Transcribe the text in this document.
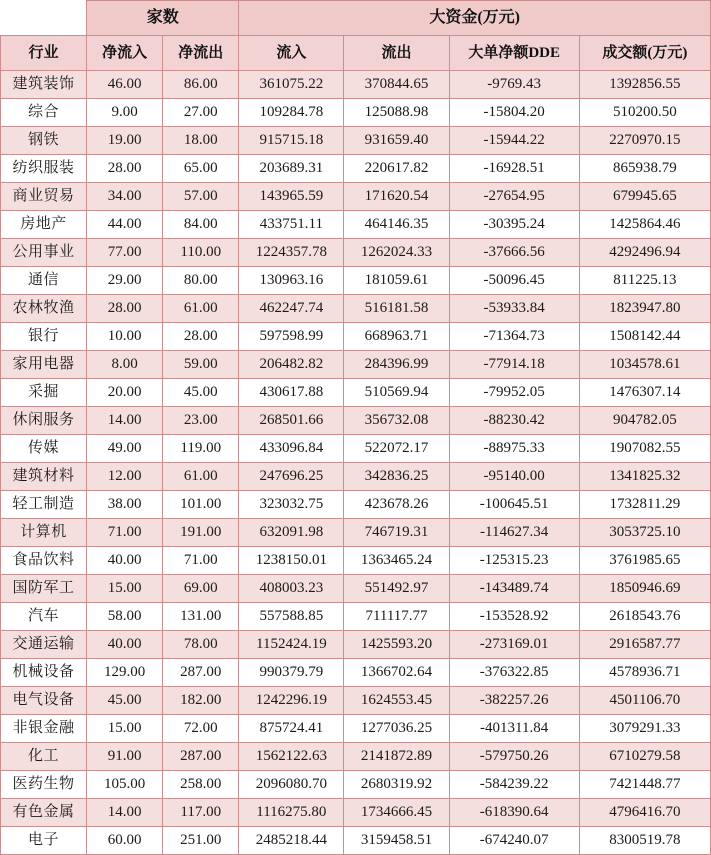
	家数		大资金(万元)			
行业	净流入	净流出	流入	流出	大单净额DDE	成交额(万元)
建筑装饰	46.00	86.00	361075.22	370844.65	-9769.43	1392856.55
综合	9.00	27.00	109284.78	125088.98	-15804.20	510200.50
钢铁	19.00	18.00	915715.18	931659.40	-15944.22	2270970.15
纺织服装	28.00	65.00	203689.31	220617.82	-16928.51	865938.79
商业贸易	34.00	57.00	143965.59	171620.54	-27654.95	679945.65
房地产	44.00	84.00	433751.11	464146.35	-30395.24	1425864.46
公用事业	77.00	110.00	1224357.78	1262024.33	-37666.56	4292496.94
通信	29.00	80.00	130963.16	181059.61	-50096.45	811225.13
农林牧渔	28.00	61.00	462247.74	516181.58	-53933.84	1823947.80
银行	10.00	28.00	597598.99	668963.71	-71364.73	1508142.44
家用电器	8.00	59.00	206482.82	284396.99	-77914.18	1034578.61
采掘	20.00	45.00	430617.88	510569.94	-79952.05	1476307.14
休闲服务	14.00	23.00	268501.66	356732.08	-88230.42	904782.05
传媒	49.00	119.00	433096.84	522072.17	-88975.33	1907082.55
建筑材料	12.00	61.00	247696.25	342836.25	-95140.00	1341825.32
轻工制造	38.00	101.00	323032.75	423678.26	-100645.51	1732811.29
计算机	71.00	191.00	632091.98	746719.31	-114627.34	3053725.10
食品饮料	40.00	71.00	1238150.01	1363465.24	-125315.23	3761985.65
国防军工	15.00	69.00	408003.23	551492.97	-143489.74	1850946.69
汽车	58.00	131.00	557588.85	711117.77	-153528.92	2618543.76
交通运输	40.00	78.00	1152424.19	1425593.20	-273169.01	2916587.77
机械设备	129.00	287.00	990379.79	1366702.64	-376322.85	4578936.71
电气设备	45.00	182.00	1242296.19	1624553.45	-382257.26	4501106.70
非银金融	15.00	72.00	875724.41	1277036.25	-401311.84	3079291.33
化工	91.00	287.00	1562122.63	2141872.89	-579750.26	6710279.58
医药生物	105.00	258.00	2096080.70	2680319.92	-584239.22	7421448.77
有色金属	14.00	117.00	1116275.80	1734666.45	-618390.64	4796416.70
电子	60.00	251.00	2485218.44	3159458.51	-674240.07	8300519.78
